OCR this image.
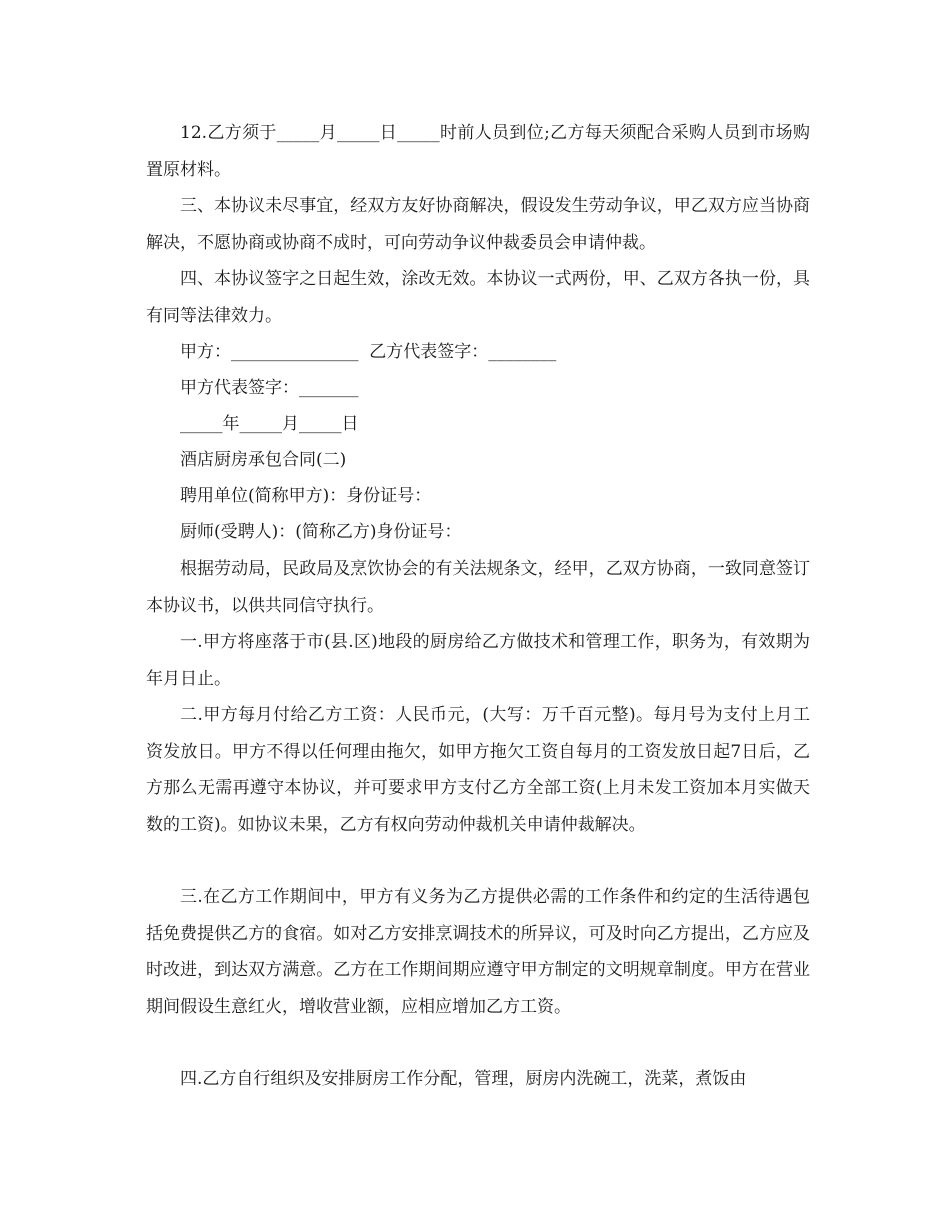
12.乙方须于_____月_____日_____时前人员到位;乙方每天须配合采购人员到市场购置原材料。

三、本协议未尽事宜，经双方友好协商解决，假设发生劳动争议，甲乙双方应当协商解决，不愿协商或协商不成时，可向劳动争议仲裁委员会申请仲裁。

四、本协议签字之日起生效，涂改无效。本协议一式两份，甲、乙双方各执一份，具有同等法律效力。

甲方：_______________  乙方代表签字：________

甲方代表签字：_______

_____年_____月_____日

酒店厨房承包合同(二)

聘用单位(简称甲方)：身份证号：

厨师(受聘人)：(简称乙方)身份证号：

根据劳动局，民政局及烹饮协会的有关法规条文，经甲，乙双方协商，一致同意签订本协议书，以供共同信守执行。

一.甲方将座落于市(县.区)地段的厨房给乙方做技术和管理工作，职务为，有效期为年月日止。

二.甲方每月付给乙方工资：人民币元，(大写：万千百元整)。每月号为支付上月工资发放日。甲方不得以任何理由拖欠，如甲方拖欠工资自每月的工资发放日起7日后，乙方那么无需再遵守本协议，并可要求甲方支付乙方全部工资(上月未发工资加本月实做天数的工资)。如协议未果，乙方有权向劳动仲裁机关申请仲裁解决。

三.在乙方工作期间中，甲方有义务为乙方提供必需的工作条件和约定的生活待遇包括免费提供乙方的食宿。如对乙方安排烹调技术的所异议，可及时向乙方提出，乙方应及时改进，到达双方满意。乙方在工作期间期应遵守甲方制定的文明规章制度。甲方在营业期间假设生意红火，增收营业额，应相应增加乙方工资。

四.乙方自行组织及安排厨房工作分配，管理，厨房内洗碗工，洗菜，煮饭由
